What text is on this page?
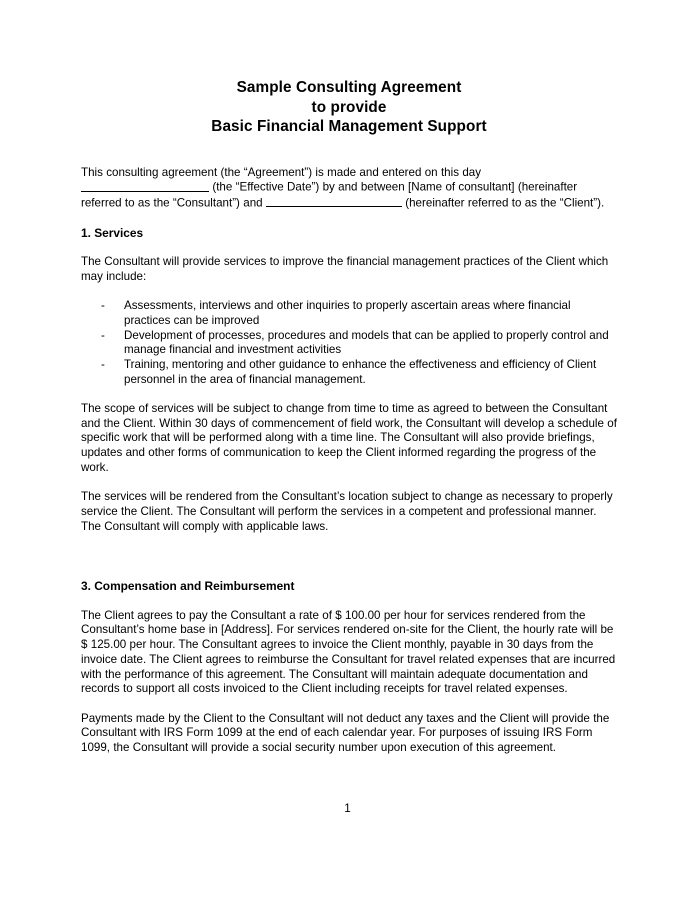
Sample Consulting Agreement
to provide
Basic Financial Management Support

This consulting agreement (the “Agreement”) is made and entered on this day
(the “Effective Date”) by and between [Name of consultant] (hereinafter referred to as the “Consultant”) and	(hereinafter referred to as the “Client”).

1. Services

The Consultant will provide services to improve the financial management practices of the Client which may include:

- Assessments, interviews and other inquiries to properly ascertain areas where financial practices can be improved
- Development of processes, procedures and models that can be applied to properly control and manage financial and investment activities
- Training, mentoring and other guidance to enhance the effectiveness and efficiency of Client personnel in the area of financial management.

The scope of services will be subject to change from time to time as agreed to between the Consultant and the Client. Within 30 days of commencement of field work, the Consultant will develop a schedule of specific work that will be performed along with a time line. The Consultant will also provide briefings, updates and other forms of communication to keep the Client informed regarding the progress of the work.

The services will be rendered from the Consultant’s location subject to change as necessary to properly service the Client. The Consultant will perform the services in a competent and professional manner. The Consultant will comply with applicable laws.

3. Compensation and Reimbursement

The Client agrees to pay the Consultant a rate of $ 100.00 per hour for services rendered from the Consultant’s home base in [Address]. For services rendered on-site for the Client, the hourly rate will be $ 125.00 per hour. The Consultant agrees to invoice the Client monthly, payable in 30 days from the invoice date. The Client agrees to reimburse the Consultant for travel related expenses that are incurred with the performance of this agreement. The Consultant will maintain adequate documentation and records to support all costs invoiced to the Client including receipts for travel related expenses.

Payments made by the Client to the Consultant will not deduct any taxes and the Client will provide the Consultant with IRS Form 1099 at the end of each calendar year. For purposes of issuing IRS Form 1099, the Consultant will provide a social security number upon execution of this agreement.

1
